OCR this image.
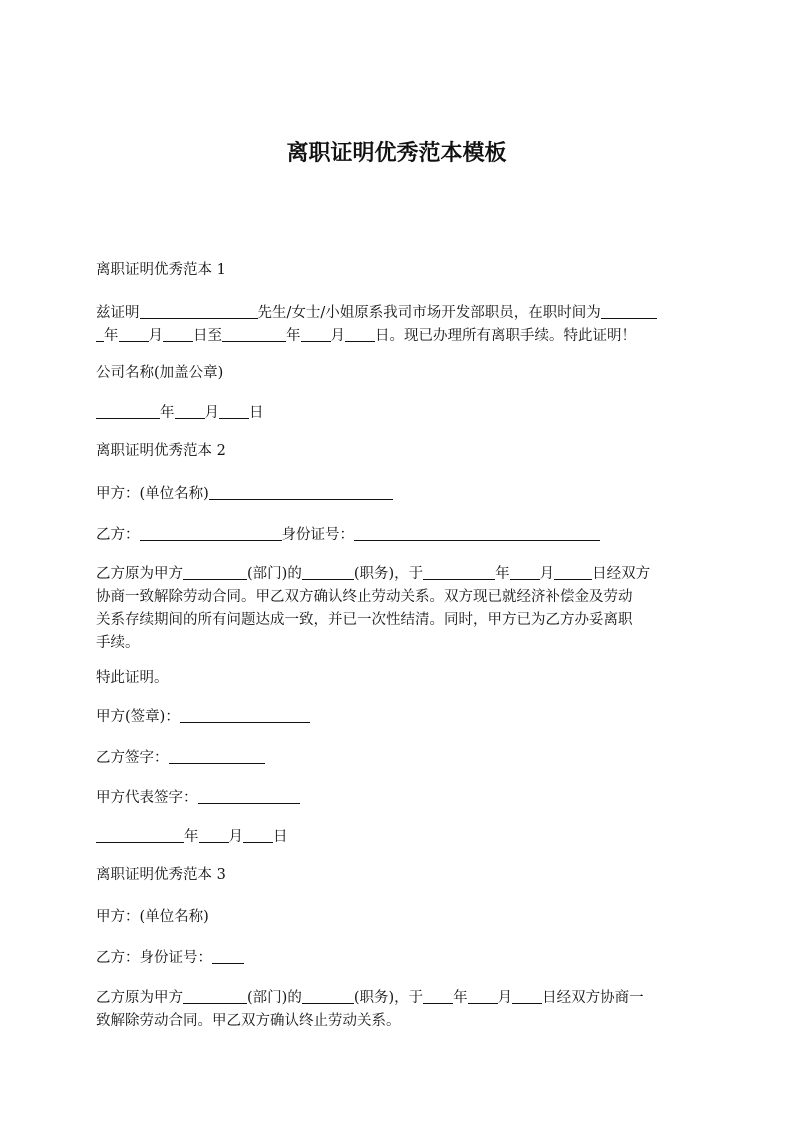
离职证明优秀范本模板
离职证明优秀范本 1
兹证明	先生/女士/小姐原系我司市场开发部职员，在职时间为
年 月 日至	年 月 日。现已办理所有离职手续。特此证明！
公司名称(加盖公章)
年 月 日
离职证明优秀范本 2
甲方：(单位名称)
乙方：	身份证号：
乙方原为甲方	(部门)的	(职务)，于	年 月	日经双方
协商一致解除劳动合同。甲乙双方确认终止劳动关系。双方现已就经济补偿金及劳动
关系存续期间的所有问题达成一致，并已一次性结清。同时，甲方已为乙方办妥离职
手续。
特此证明。
甲方(签章)：
乙方签字：
甲方代表签字：
年 月 日
离职证明优秀范本 3
甲方：(单位名称)
乙方：身份证号：
乙方原为甲方	(部门)的	(职务)，于 年 月 日经双方协商一
致解除劳动合同。甲乙双方确认终止劳动关系。
